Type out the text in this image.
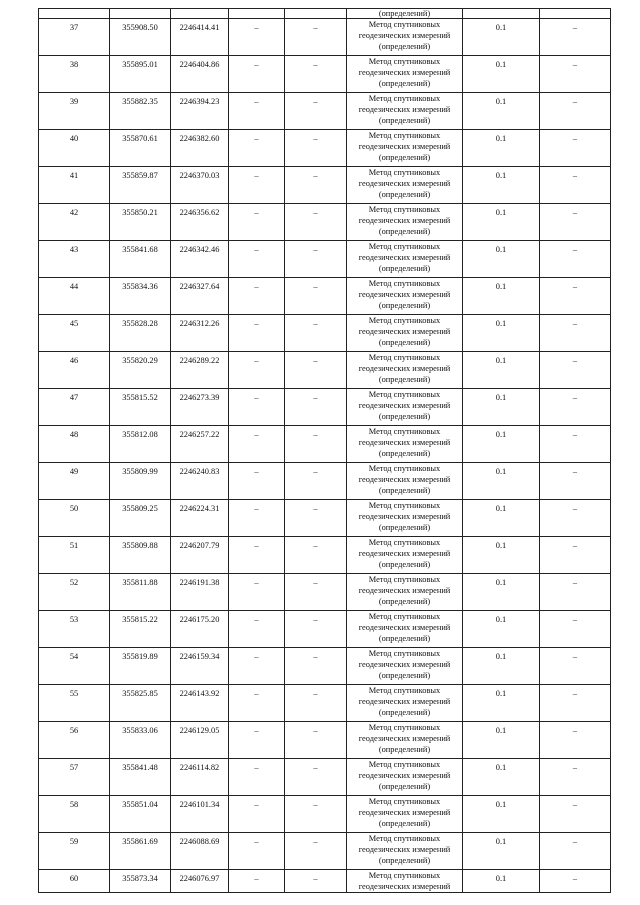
					(определений)		
37	355908.50	2246414.41	–	–	Метод спутниковых геодезических измерений (определений)	0.1	–
38	355895.01	2246404.86	–	–	Метод спутниковых геодезических измерений (определений)	0.1	–
39	355882.35	2246394.23	–	–	Метод спутниковых геодезических измерений (определений)	0.1	–
40	355870.61	2246382.60	–	–	Метод спутниковых геодезических измерений (определений)	0.1	–
41	355859.87	2246370.03	–	–	Метод спутниковых геодезических измерений (определений)	0.1	–
42	355850.21	2246356.62	–	–	Метод спутниковых геодезических измерений (определений)	0.1	–
43	355841.68	2246342.46	–	–	Метод спутниковых геодезических измерений (определений)	0.1	–
44	355834.36	2246327.64	–	–	Метод спутниковых геодезических измерений (определений)	0.1	–
45	355828.28	2246312.26	–	–	Метод спутниковых геодезических измерений (определений)	0.1	–
46	355820.29	2246289.22	–	–	Метод спутниковых геодезических измерений (определений)	0.1	–
47	355815.52	2246273.39	–	–	Метод спутниковых геодезических измерений (определений)	0.1	–
48	355812.08	2246257.22	–	–	Метод спутниковых геодезических измерений (определений)	0.1	–
49	355809.99	2246240.83	–	–	Метод спутниковых геодезических измерений (определений)	0.1	–
50	355809.25	2246224.31	–	–	Метод спутниковых геодезических измерений (определений)	0.1	–
51	355809.88	2246207.79	–	–	Метод спутниковых геодезических измерений (определений)	0.1	–
52	355811.88	2246191.38	–	–	Метод спутниковых геодезических измерений (определений)	0.1	–
53	355815.22	2246175.20	–	–	Метод спутниковых геодезических измерений (определений)	0.1	–
54	355819.89	2246159.34	–	–	Метод спутниковых геодезических измерений (определений)	0.1	–
55	355825.85	2246143.92	–	–	Метод спутниковых геодезических измерений (определений)	0.1	–
56	355833.06	2246129.05	–	–	Метод спутниковых геодезических измерений (определений)	0.1	–
57	355841.48	2246114.82	–	–	Метод спутниковых геодезических измерений (определений)	0.1	–
58	355851.04	2246101.34	–	–	Метод спутниковых геодезических измерений (определений)	0.1	–
59	355861.69	2246088.69	–	–	Метод спутниковых геодезических измерений (определений)	0.1	–
60	355873.34	2246076.97	–	–	Метод спутниковых геодезических измерений	0.1	–
